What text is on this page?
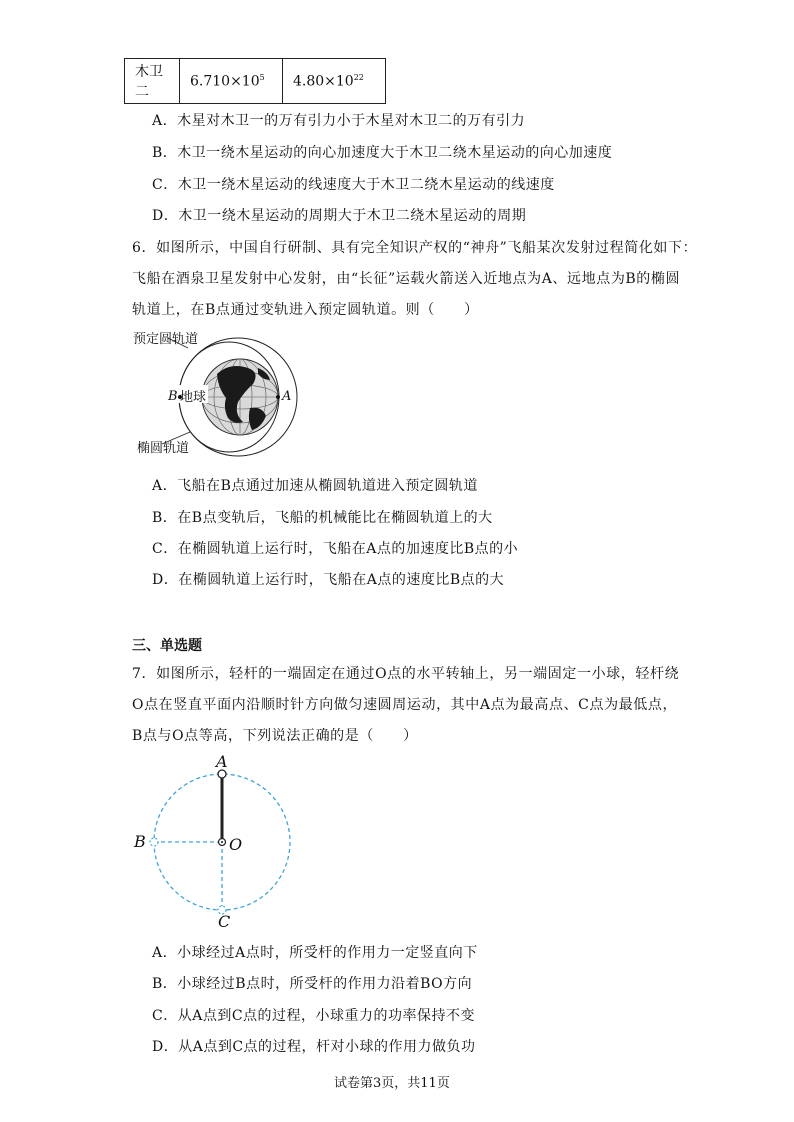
木卫二	$6.710\times 10^5$	$4.80\times 10^{22}$
A．木星对木卫一的万有引力小于木星对木卫二的万有引力
B．木卫一绕木星运动的向心加速度大于木卫二绕木星运动的向心加速度
C．木卫一绕木星运动的线速度大于木卫二绕木星运动的线速度
D．木卫一绕木星运动的周期大于木卫二绕木星运动的周期
6．如图所示，中国自行研制、具有完全知识产权的“神舟”飞船某次发射过程简化如下：
飞船在酒泉卫星发射中心发射，由“长征”运载火箭送入近地点为A、远地点为B的椭圆
轨道上，在B点通过变轨进入预定圆轨道。则（　　）
预定圆轨道
椭圆轨道
地球
B	A
A．飞船在B点通过加速从椭圆轨道进入预定圆轨道
B．在B点变轨后，飞船的机械能比在椭圆轨道上的大
C．在椭圆轨道上运行时，飞船在A点的加速度比B点的小
D．在椭圆轨道上运行时，飞船在A点的速度比B点的大
三、单选题
7．如图所示，轻杆的一端固定在通过O点的水平转轴上，另一端固定一小球，轻杆绕
O点在竖直平面内沿顺时针方向做匀速圆周运动，其中A点为最高点、C点为最低点，
B点与O点等高，下列说法正确的是（　　）
A
B	O
C
A．小球经过A点时，所受杆的作用力一定竖直向下
B．小球经过B点时，所受杆的作用力沿着BO方向
C．从A点到C点的过程，小球重力的功率保持不变
D．从A点到C点的过程，杆对小球的作用力做负功
试卷第3页，共11页
